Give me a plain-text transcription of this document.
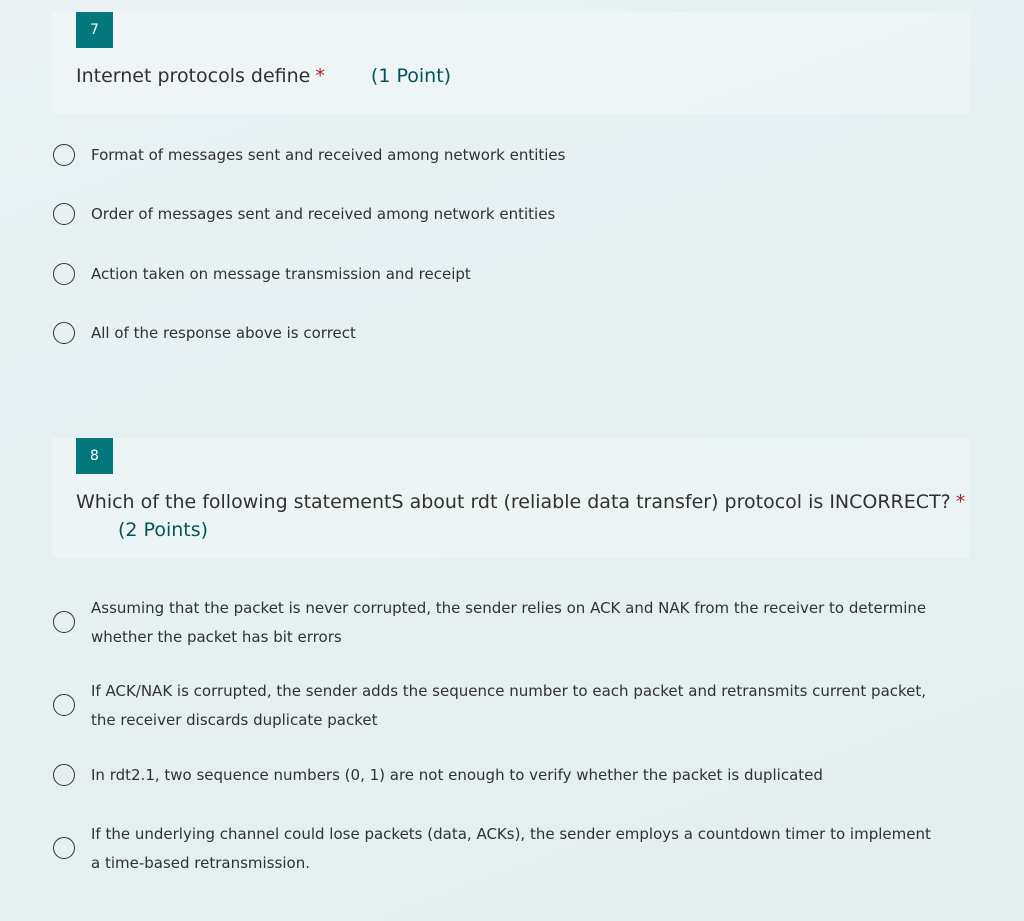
7
Internet protocols define * (1 Point)
Format of messages sent and received among network entities
Order of messages sent and received among network entities
Action taken on message transmission and receipt
All of the response above is correct
8
Which of the following statementS about rdt (reliable data transfer) protocol is INCORRECT? *
(2 Points)
Assuming that the packet is never corrupted, the sender relies on ACK and NAK from the receiver to determine whether the packet has bit errors
If ACK/NAK is corrupted, the sender adds the sequence number to each packet and retransmits current packet, the receiver discards duplicate packet
In rdt2.1, two sequence numbers (0, 1) are not enough to verify whether the packet is duplicated
If the underlying channel could lose packets (data, ACKs), the sender employs a countdown timer to implement a time-based retransmission.
